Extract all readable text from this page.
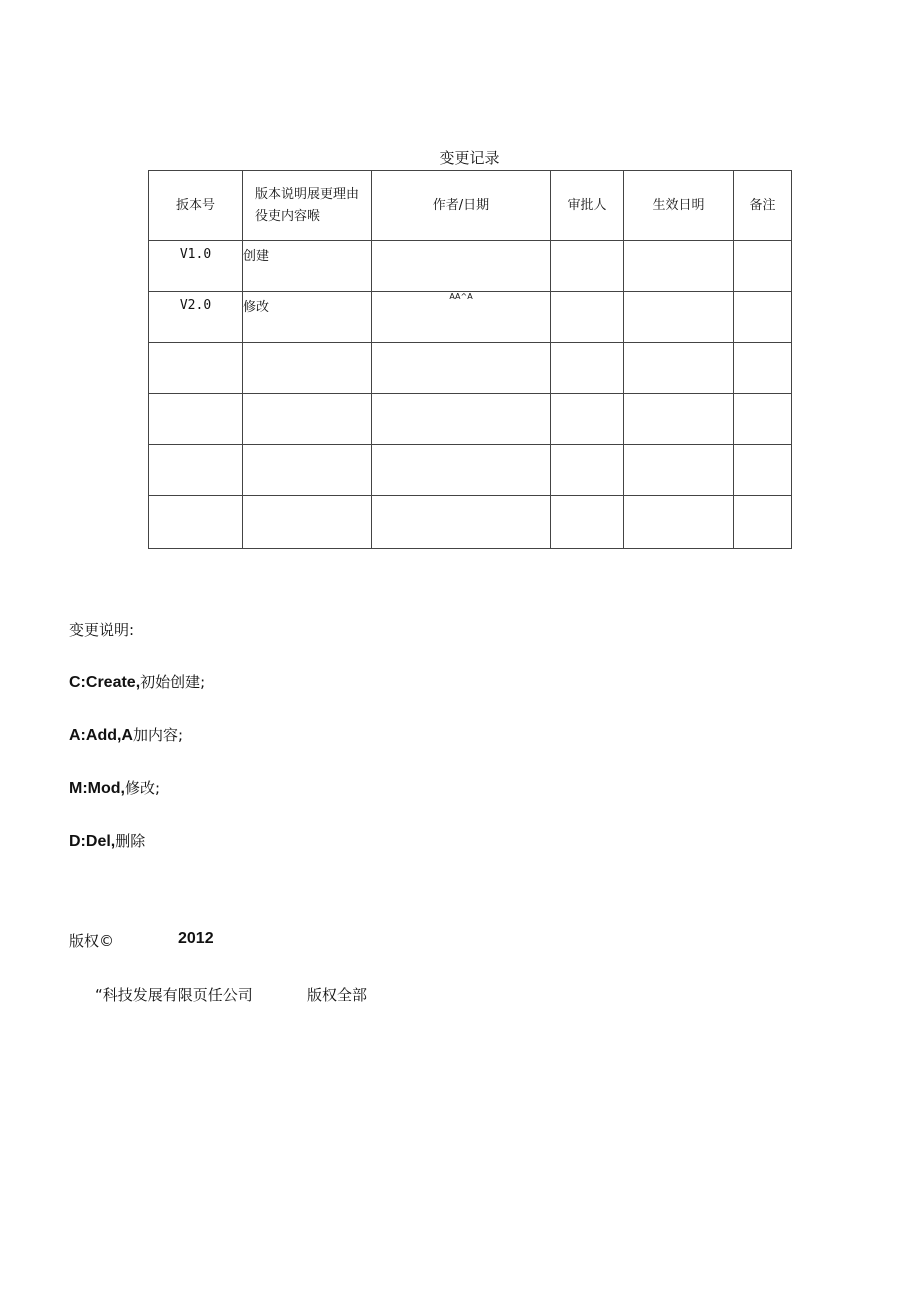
变更记录
扳本号	版本说明展更理由役吏内容喉	作者/日期	审批人	生效日明	备注
V1.0	创建	

V2.0	修改	AA^A			

变更说明:
C:Create,初始创建;
A:Add,A加内容;
M:Mod,修改;
D:Del,删除
版权©	2012
“科技发展有限页任公司	版权全部
